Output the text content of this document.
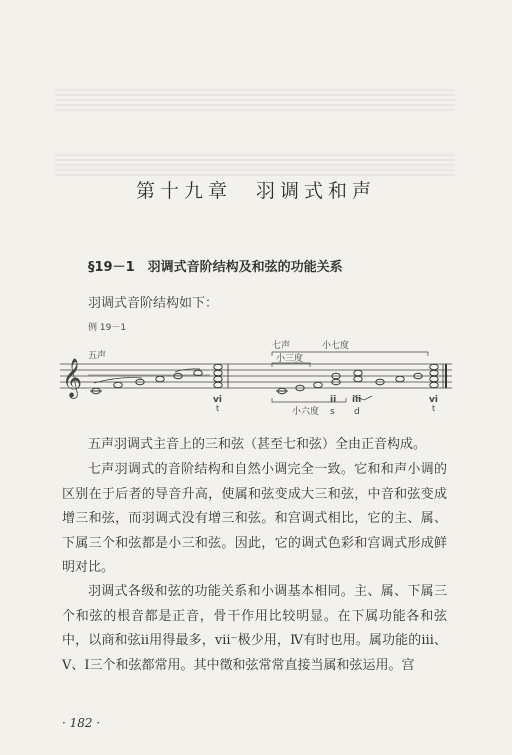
第十九章　羽调式和声
§19－1　羽调式音阶结构及和弦的功能关系
羽调式音阶结构如下：
例 19－1
𝄞
五声
七声	小七度
小三度
小六度 s d
vi
t
ii iii	vi
t

五声羽调式主音上的三和弦（甚至七和弦）全由正音构成。

七声羽调式的音阶结构和自然小调完全一致。它和和声小调的区别在于后者的导音升高，使属和弦变成大三和弦，中音和弦变成增三和弦，而羽调式没有增三和弦。和宫调式相比，它的主、属、下属三个和弦都是小三和弦。因此，它的调式色彩和宫调式形成鲜明对比。

羽调式各级和弦的功能关系和小调基本相同。主、属、下属三个和弦的根音都是正音，骨干作用比较明显。在下属功能各和弦中，以商和弦ⅱ用得最多，ⅶ⁻极少用，Ⅳ有时也用。属功能的ⅲ、Ⅴ、Ⅰ三个和弦都常用。其中徵和弦常常直接当属和弦运用。宫

· 182 ·
